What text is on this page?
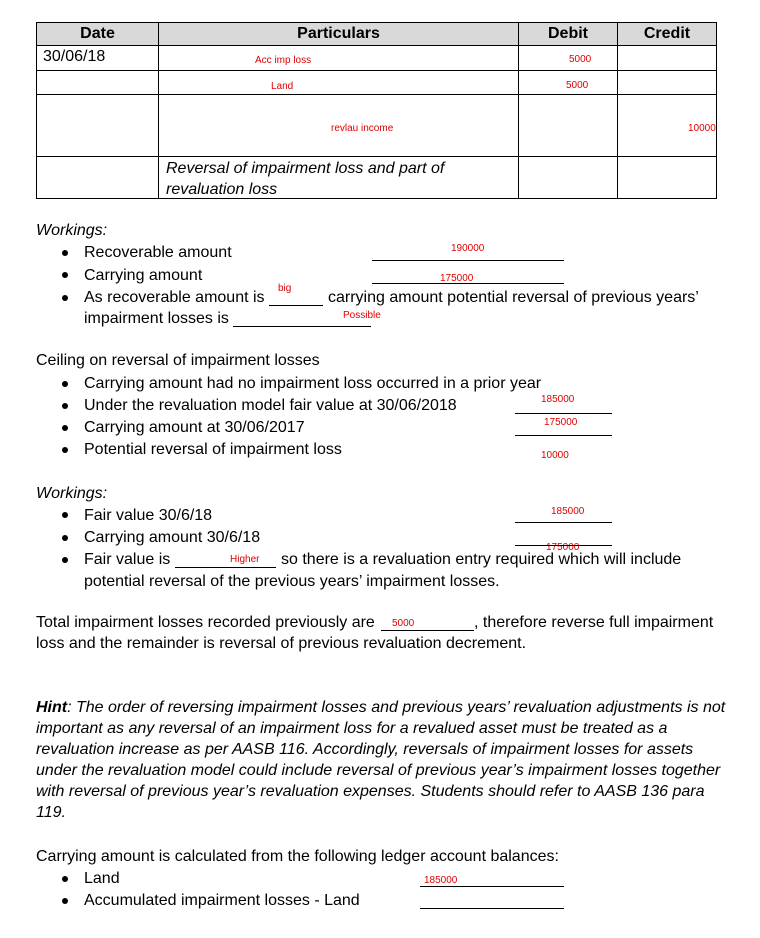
Date	Particulars	Debit	Credit

30/06/18	Acc imp loss	5000	

	Land	5000	

	revlau income		10000

	Reversal of impairment loss and part of revaluation loss		

Workings:
Recoverable amount	190000
Carrying amount	175000
As recoverable amount is
big
carrying amount potential reversal of previous years’
impairment losses is	Possible
Ceiling on reversal of impairment losses
Carrying amount had no impairment loss occurred in a prior year
Under the revaluation model fair value at 30/06/2018	185000
Carrying amount at 30/06/2017	175000
Potential reversal of impairment loss	10000
Workings:
Fair value 30/6/18	185000
Carrying amount 30/6/18
175000
Fair value is	Higher so there is a revaluation entry required which will include
potential reversal of the previous years’ impairment losses.
Total impairment losses recorded previously are 5000	, therefore reverse full impairment
loss and the remainder is reversal of previous revaluation decrement.
Hint: The order of reversing impairment losses and previous years’ revaluation adjustments is not important as any reversal of an impairment loss for a revalued asset must be treated as a revaluation increase as per AASB 116. Accordingly, reversals of impairment losses for assets under the revaluation model could include reversal of previous year’s impairment losses together with reversal of previous year’s revaluation expenses. Students should refer to AASB 136 para 119.
Carrying amount is calculated from the following ledger account balances:
Land	185000
Accumulated impairment losses - Land
